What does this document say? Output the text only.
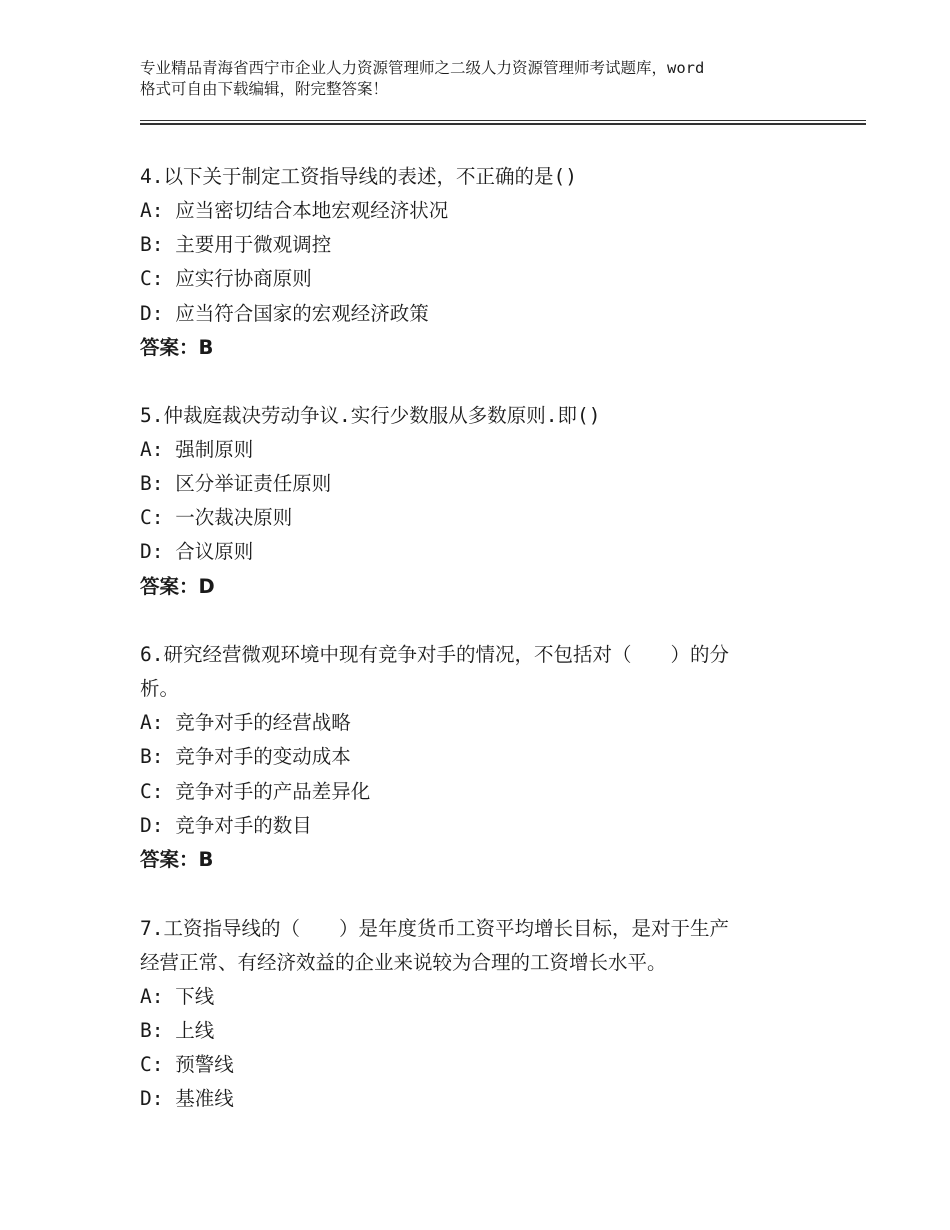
专业精品青海省西宁市企业人力资源管理师之二级人力资源管理师考试题库，word
格式可自由下载编辑，附完整答案！
4.以下关于制定工资指导线的表述，不正确的是()
A: 应当密切结合本地宏观经济状况
B: 主要用于微观调控
C: 应实行协商原则
D: 应当符合国家的宏观经济政策
答案：B
5.仲裁庭裁决劳动争议.实行少数服从多数原则.即()
A: 强制原则
B: 区分举证责任原则
C: 一次裁决原则
D: 合议原则
答案：D
6.研究经营微观环境中现有竞争对手的情况，不包括对（　　）的分
析。
A: 竞争对手的经营战略
B: 竞争对手的变动成本
C: 竞争对手的产品差异化
D: 竞争对手的数目
答案：B
7.工资指导线的（　　）是年度货币工资平均增长目标，是对于生产
经营正常、有经济效益的企业来说较为合理的工资增长水平。
A: 下线
B: 上线
C: 预警线
D: 基准线
